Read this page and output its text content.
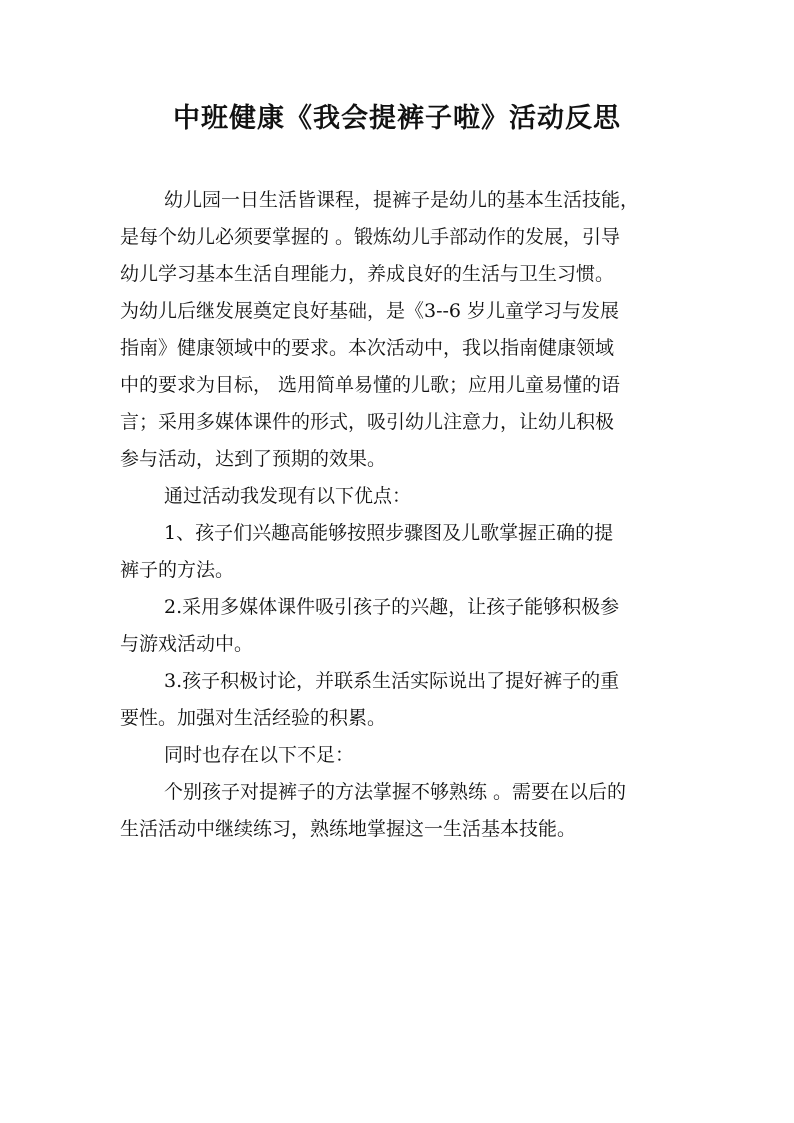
中班健康《我会提裤子啦》活动反思

幼儿园一日生活皆课程，提裤子是幼儿的基本生活技能，

是每个幼儿必须要掌握的 。锻炼幼儿手部动作的发展，引导

幼儿学习基本生活自理能力，养成良好的生活与卫生习惯。

为幼儿后继发展奠定良好基础，是《3--6 岁儿童学习与发展

指南》健康领域中的要求。本次活动中，我以指南健康领域

中的要求为目标， 选用简单易懂的儿歌；应用儿童易懂的语

言；采用多媒体课件的形式，吸引幼儿注意力，让幼儿积极

参与活动，达到了预期的效果。

通过活动我发现有以下优点：

1、孩子们兴趣高能够按照步骤图及儿歌掌握正确的提

裤子的方法。

2.采用多媒体课件吸引孩子的兴趣，让孩子能够积极参

与游戏活动中。

3.孩子积极讨论，并联系生活实际说出了提好裤子的重

要性。加强对生活经验的积累。

同时也存在以下不足：

个别孩子对提裤子的方法掌握不够熟练 。需要在以后的

生活活动中继续练习，熟练地掌握这一生活基本技能。
